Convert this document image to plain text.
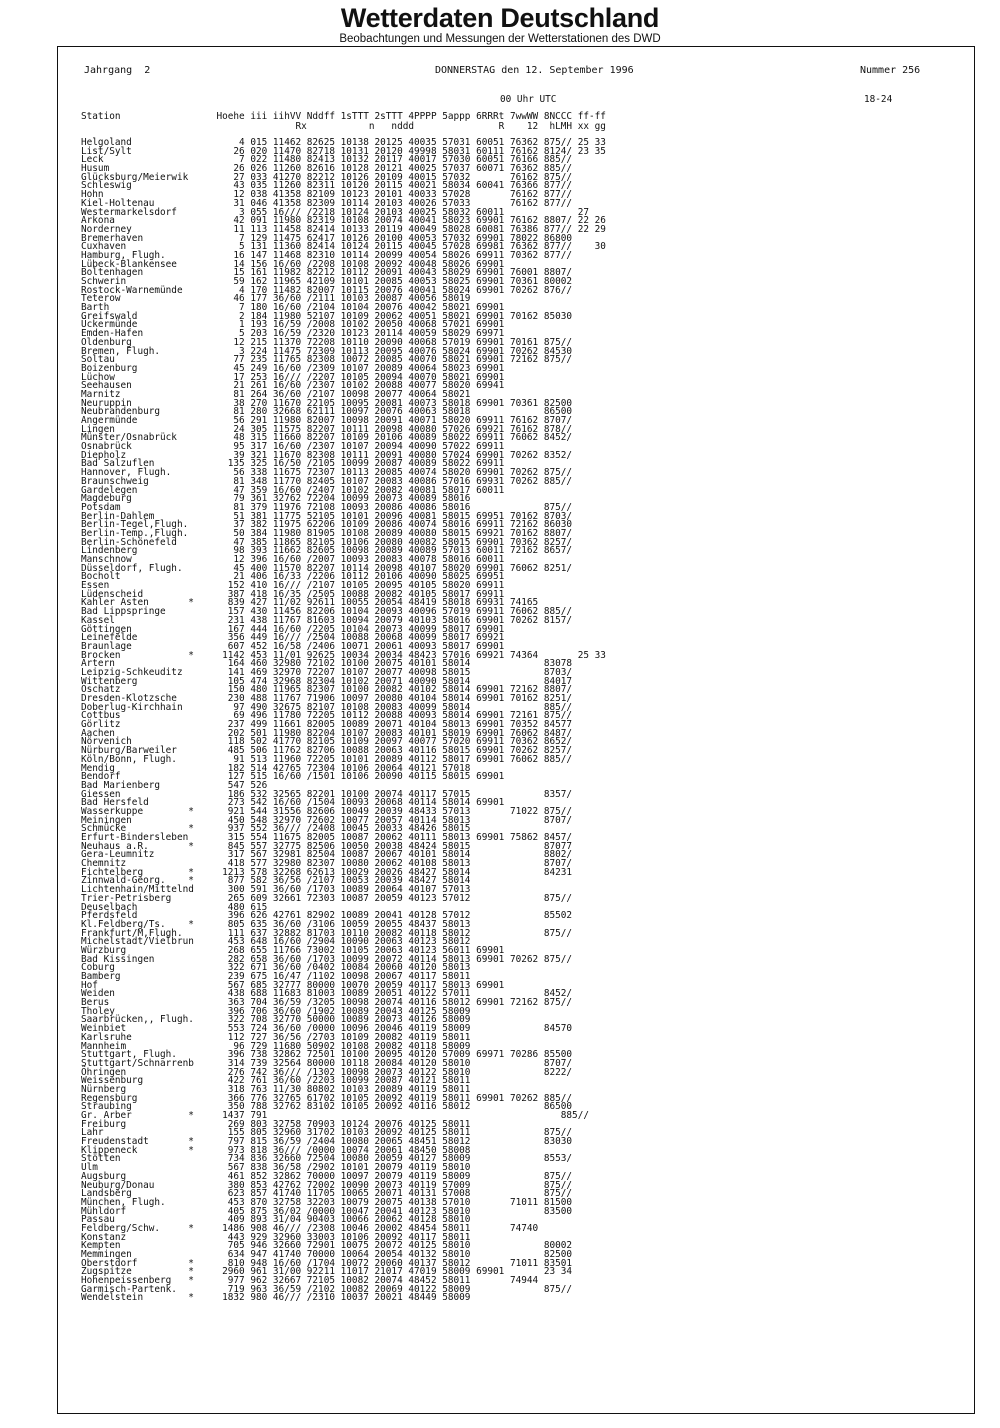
Wetterdaten Deutschland
Beobachtungen und Messungen der Wetterstationen des DWD
Jahrgang  2	DONNERSTAG den 12. September 1996	Nummer 256
00 Uhr UTC	18-24
Station                 Hoehe iii iihVV Nddff 1sTTT 2sTTT 4PPPP 5appp 6RRRt 7wwWW 8NCCC ff-ff
Rx           n   nddd               R    12  hLMH xx gg
Helgoland                   4 015 11462 82625 10138 20125 40035 57031 60051 76362 875// 25 33
List/Sylt                  26 020 11470 82718 10131 20120 49998 58031 60111 76162 8124/ 23 35
Leck                        7 022 11480 82413 10132 20117 40017 57030 60051 76166 885//
Husum                      26 026 11260 82616 10128 20121 40025 57037 60071 76362 885//
Glücksburg/Meierwik        27 033 41270 82212 10126 20109 40015 57032       76162 875//
Schleswig                  43 035 11260 82311 10120 20115 40021 58034 60041 76366 877//
Hohn                       12 038 41358 82109 10123 20101 40033 57028       76162 877//
Kiel-Holtenau              31 046 41358 82309 10114 20103 40026 57033       76162 877//
Westermarkelsdorf           3 055 16/// /2218 10124 20103 40025 58032 60011             27
Arkona                     42 091 11980 82319 10108 20074 40041 58023 69901 76162 8807/ 22 26
Norderney                  11 113 11458 82414 10133 20119 40049 58028 60081 76386 877// 22 29
Bremerhaven                 7 129 11475 62417 10126 20100 40053 57032 69901 78022 86800
Cuxhaven                    5 131 11360 82414 10124 20115 40045 57028 69981 76362 877//    30
Hamburg, Flugh.            16 147 11468 82310 10114 20099 40054 58026 69911 70362 877//
Lübeck-Blankensee          14 156 16/60 /2208 10108 20092 40048 58026 69901
Boltenhagen                15 161 11982 82212 10112 20091 40043 58029 69901 76001 8807/
Schwerin                   59 162 11965 42109 10101 20085 40053 58025 69901 70361 80002
Rostock-Warnemünde          4 170 11482 82007 10115 20076 40041 58024 69901 70262 876//
Teterow                    46 177 36/60 /2111 10103 20087 40056 58019
Barth                       7 180 16/60 /2104 10104 20076 40042 58021 69901
Greifswald                  2 184 11980 52107 10109 20062 40051 58021 69901 70162 85030
Ückermünde                  1 193 16/59 /2008 10102 20050 40068 57021 69901
Emden-Hafen                 5 203 16/59 /2320 10123 20114 40059 58029 69971
Oldenburg                  12 215 11370 72208 10110 20090 40068 57019 69901 70161 875//
Bremen, Flugh.              3 224 11475 72309 10113 20095 40076 58024 69901 70262 84530
Soltau                     77 235 11765 82308 10072 20085 40070 58021 69901 72162 875//
Boizenburg                 45 249 16/60 /2309 10107 20089 40064 58023 69901
Lüchow                     17 253 16/// /2207 10105 20094 40070 58021 69901
Seehausen                  21 261 16/60 /2307 10102 20088 40077 58020 69941
Marnitz                    81 264 36/60 /2107 10098 20077 40064 58021
Neuruppin                  38 270 11670 22105 10095 20081 40073 58018 69901 70361 82500
Neubrandenburg             81 280 32668 62111 10097 20076 40063 58018             86500
Angermünde                 56 291 11980 82007 10098 20091 40071 58020 69911 76162 8707/
Lingen                     24 305 11575 82207 10111 20098 40080 57026 69921 76162 878//
Münster/Osnabrück          48 315 11660 82207 10109 20106 40089 58022 69911 76062 8452/
Osnabrück                  95 317 16/60 /2307 10107 20094 40090 57022 69911
Diepholz                   39 321 11670 82308 10111 20091 40080 57024 69901 70262 8352/
Bad Salzuflen             135 325 16/50 /2105 10099 20087 40089 58022 69911
Hannover, Flugh.           56 338 11675 72307 10113 20085 40074 58020 69901 70262 875//
Braunschweig               81 348 11770 82405 10107 20083 40086 57016 69931 70262 885//
Gardelegen                 47 359 16/60 /2407 10102 20082 40081 58017 60011
Magdeburg                  79 361 32762 72204 10099 20073 40089 58016
Potsdam                    81 379 11976 72108 10093 20086 40086 58016             875//
Berlin-Dahlem              51 381 11775 52105 10101 20096 40081 58015 69951 70162 8703/
Berlin-Tegel,Flugh.        37 382 11975 62206 10109 20086 40074 58016 69911 72162 86030
Berlin-Temp.,Flugh.        50 384 11980 81905 10108 20089 40080 58015 69921 70162 8807/
Berlin-Schönefeld          47 385 11865 82105 10106 20080 40082 58015 69901 70362 8257/
Lindenberg                 98 393 11662 82605 10098 20089 40089 57013 60011 72162 8657/
Manschnow                  12 396 16/60 /2007 10093 20083 40078 58016 60011
Düsseldorf, Flugh.         45 400 11570 82207 10114 20098 40107 58020 69901 76062 8251/
Bocholt                    21 406 16/33 /2206 10112 20106 40090 58025 69951
Essen                     152 410 16/// /2107 10105 20095 40105 58020 69911
Lüdenscheid               387 418 16/35 /2505 10088 20082 40105 58017 69911
Kahler Asten       *      839 427 11/02 92611 10055 20054 48419 58018 69931 74165
Bad Lippspringe           157 430 11456 82206 10104 20093 40096 57019 69911 76062 885//
Kassel                    231 438 11767 81603 10094 20079 40103 58016 69901 70262 8157/
Göttingen                 167 444 16/60 /2205 10104 20073 40099 58017 69901
Leinefelde                356 449 16/// /2504 10088 20068 40099 58017 69921
Braunlage                 607 452 16/58 /2406 10071 20061 40093 58017 69901
Brocken            *     1142 453 11/01 92625 10034 20034 48423 57016 69921 74364       25 33
Artern                    164 460 32980 72102 10100 20075 40101 58014             83078
Leipzig-Schkeuditz        141 469 32970 72207 10107 20077 40098 58015             8703/
Wittenberg                105 474 32968 82304 10102 20071 40090 58014             84017
Oschatz                   150 480 11965 82307 10100 20082 40102 58014 69901 72162 8807/
Dresden-Klotzsche         230 488 11767 71906 10097 20080 40104 58014 69901 70162 8251/
Doberlug-Kirchhain         97 490 32675 82107 10108 20083 40099 58014             885//
Cottbus                    69 496 11780 72205 10112 20088 40093 58014 69901 72161 875//
Görlitz                   237 499 11661 82005 10089 20071 40104 58013 69901 70352 84577
Aachen                    202 501 11980 82204 10107 20083 40101 58019 69901 76062 8487/
Nörvenich                 118 502 41770 82105 10109 20097 40077 57020 69911 70362 8652/
Nürburg/Barweiler         485 506 11762 82706 10088 20063 40116 58015 69901 70262 8257/
Köln/Bonn, Flugh.          91 513 11960 72205 10101 20089 40112 58017 69901 76062 885//
Mendig                    182 514 42765 72304 10106 20064 40121 57018
Bendorf                   127 515 16/60 /1501 10106 20090 40115 58015 69901
Bad Marienberg            547 526
Giessen                   186 532 32565 82201 10100 20074 40117 57015             8357/
Bad Hersfeld              273 542 16/60 /1504 10093 20068 40114 58014 69901
Wasserkuppe        *      921 544 31556 82606 10049 20039 48433 57013       71022 875//
Meiningen                 450 548 32970 72602 10077 20057 40114 58013             8707/
Schmücke           *      937 552 36/// /2408 10045 20033 48426 58015
Erfurt-Bindersleben       315 554 11675 82005 10087 20062 40111 58013 69901 75862 8457/
Neuhaus a.R.       *      845 557 32775 82506 10050 20038 48424 58015             87077
Gera-Leumnitz             317 567 32981 82504 10087 20067 40101 58014             8802/
Chemnitz                  418 577 32980 82307 10080 20062 40108 58013             8707/
Fichtelberg        *     1213 578 32268 62613 10029 20026 48427 58014             84231
Zinnwald-Georg.    *      877 582 36/56 /2107 10053 20039 48427 58014
Lichtenhain/Mittelnd      300 591 36/60 /1703 10089 20064 40107 57013
Trier-Petrisberg          265 609 32661 72303 10087 20059 40123 57012             875//
Deuselbach                480 615
Pferdsfeld                396 626 42761 82902 10089 20041 40128 57012             85502
Kl.Feldberg/Ts.    *      805 635 36/60 /3106 10059 20055 48437 58013
Frankfurt/M,Flugh.        111 637 32882 81703 10110 20082 40118 58012             875//
Michelstadt/Vielbrun      453 648 16/60 /2904 10090 20063 40123 58012
Würzburg                  268 655 11766 73002 10105 20063 40123 56011 69901
Bad Kissingen             282 658 36/60 /1703 10099 20072 40114 58013 69901 70262 875//
Coburg                    322 671 36/60 /0402 10084 20060 40120 58013
Bamberg                   239 675 16/47 /1102 10098 20067 40117 58011
Hof                       567 685 32777 80000 10070 20059 40117 58013 69901
Weiden                    438 688 11683 81003 10089 20051 40122 57011             8452/
Berus                     363 704 36/59 /3205 10098 20074 40116 58012 69901 72162 875//
Tholey                    396 706 36/60 /1902 10089 20043 40125 58009
Saarbrücken,, Flugh.      322 708 32770 50000 10089 20073 40126 58009
Weinbiet                  553 724 36/60 /0000 10096 20046 40119 58009             84570
Karlsruhe                 112 727 36/56 /2703 10109 20082 40119 58011
Mannheim                   96 729 11680 50902 10108 20082 40118 58009
Stuttgart, Flugh.         396 738 32862 72501 10100 20095 40120 57009 69971 70286 85500
Stuttgart/Schnarrenb      314 739 32564 80000 10118 20084 40120 58010             8707/
Öhringen                  276 742 36/// /1302 10098 20073 40122 58010             8222/
Weissenburg               422 761 36/60 /2203 10099 20087 40121 58011
Nürnberg                  318 763 11/30 80802 10103 20089 40119 58011
Regensburg                366 776 32765 61702 10105 20092 40119 58011 69901 70262 885//
Straubing                 350 788 32762 83102 10105 20092 40116 58012             86500
Gr. Arber          *     1437 791                                                    885//
Freiburg                  269 803 32758 70903 10124 20076 40125 58011
Lahr                      155 805 32960 31702 10103 20092 40125 58011             875//
Freudenstadt       *      797 815 36/59 /2404 10080 20065 48451 58012             83030
Klippeneck         *      973 818 36/// /0000 10074 20061 48450 58008
Stötten                   734 836 32660 72504 10080 20059 40127 58009             8553/
Ulm                       567 838 36/58 /2902 10101 20079 40119 58010
Augsburg                  461 852 32862 70000 10097 20079 40119 58009             875//
Neuburg/Donau             380 853 42762 72002 10090 20073 40119 57009             875//
Landsberg                 623 857 41740 11705 10065 20071 40131 57008             875//
München, Flugh.           453 870 32758 32203 10079 20075 40138 57010       71011 81500
Mühldorf                  405 875 36/02 /0000 10047 20041 40123 58010             83500
Passau                    409 893 31/04 90403 10066 20062 40128 58010
Feldberg/Schw.     *     1486 908 46/// /2308 10046 20002 48454 58011       74740
Konstanz                  443 929 32960 33003 10106 20092 40117 58011
Kempten                   705 946 32660 72901 10075 20072 40125 58010             80002
Memmingen                 634 947 41740 70000 10064 20054 40132 58010             82500
Oberstdorf         *      810 948 16/60 /1704 10072 20060 40137 58012       71011 83501
Zugspitze          *     2960 961 31/00 92211 11017 21017 47019 58009 69901       23 34
Hohenpeissenberg   *      977 962 32667 72105 10082 20074 48452 58011       74944
Garmisch-Partenk.         719 963 36/59 /2102 10082 20069 40122 58009             875//
Wendelstein        *     1832 980 46/// /2310 10037 20021 48449 58009
